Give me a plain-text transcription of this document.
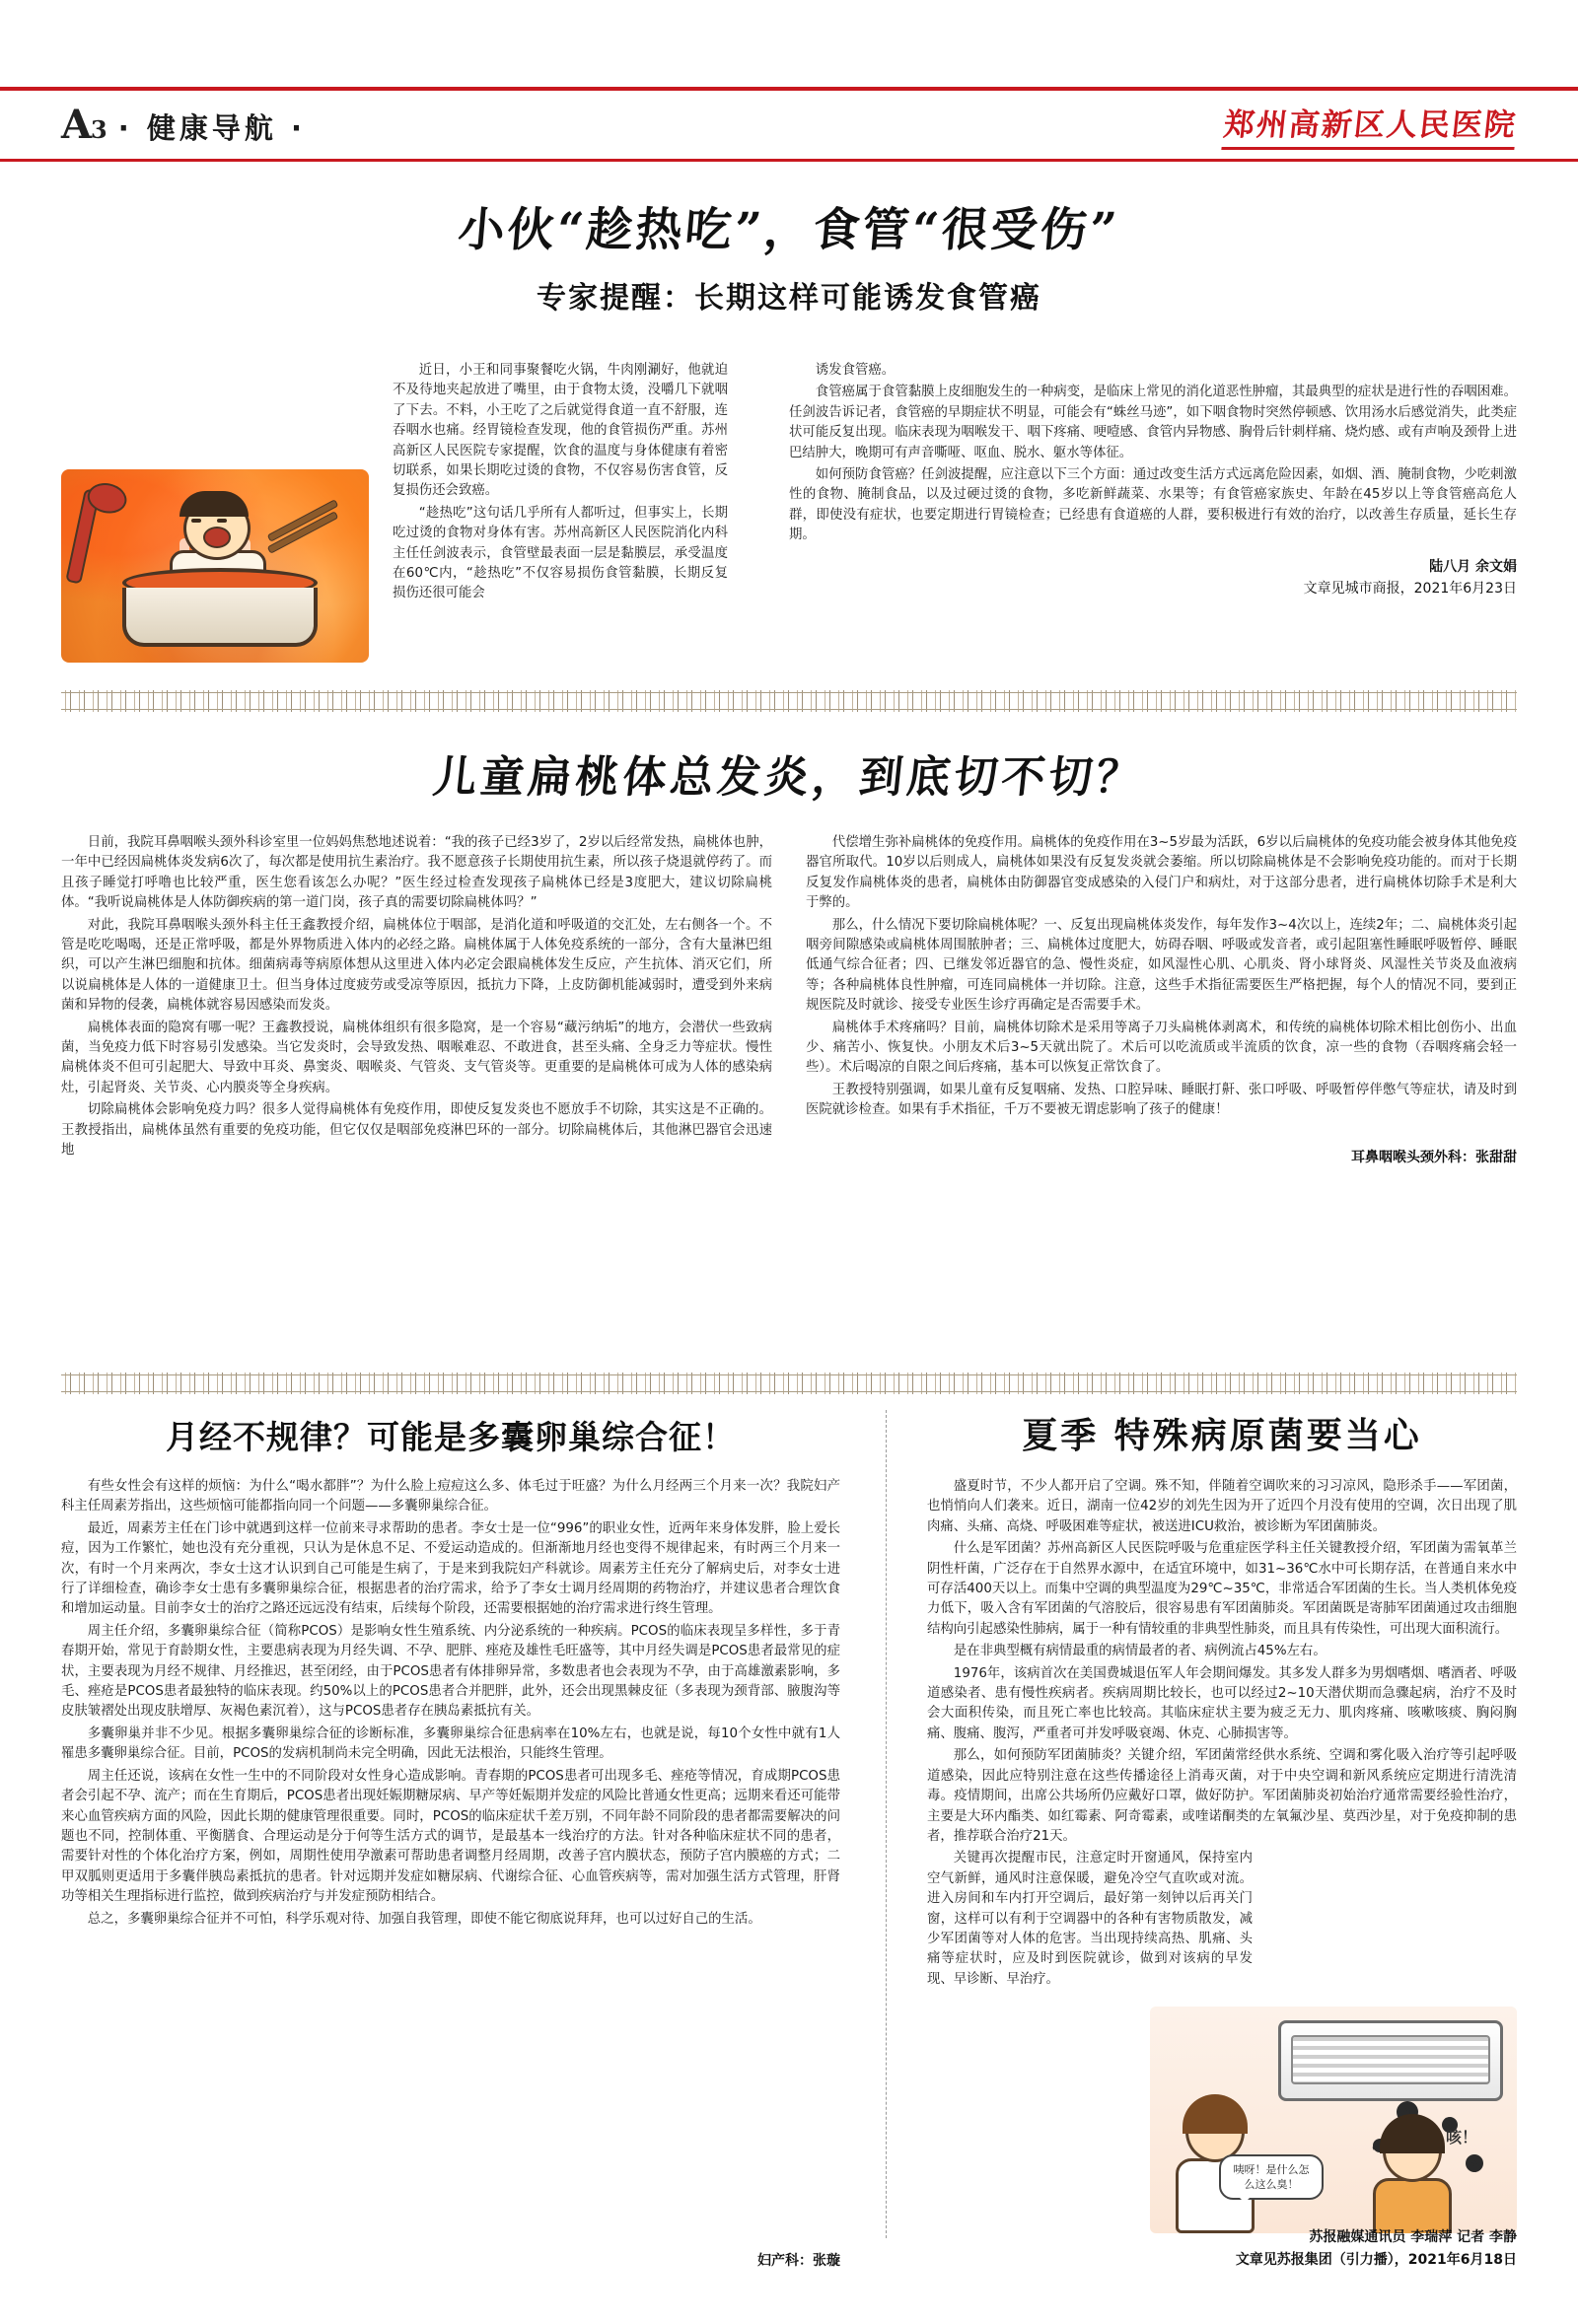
A3 · 健康导航 ·	郑州高新区人民医院
小伙“趁热吃”，食管“很受伤”
专家提醒：长期这样可能诱发食管癌

近日，小王和同事聚餐吃火锅，牛肉刚涮好，他就迫不及待地夹起放进了嘴里，由于食物太烫，没嚼几下就咽了下去。不料，小王吃了之后就觉得食道一直不舒服，连吞咽水也痛。经胃镜检查发现，他的食管损伤严重。苏州高新区人民医院专家提醒，饮食的温度与身体健康有着密切联系，如果长期吃过烫的食物，不仅容易伤害食管，反复损伤还会致癌。

“趁热吃”这句话几乎所有人都听过，但事实上，长期吃过烫的食物对身体有害。苏州高新区人民医院消化内科主任任剑波表示，食管壁最表面一层是黏膜层，承受温度在60℃内，“趁热吃”不仅容易损伤食管黏膜，长期反复损伤还很可能会

诱发食管癌。

食管癌属于食管黏膜上皮细胞发生的一种病变，是临床上常见的消化道恶性肿瘤，其最典型的症状是进行性的吞咽困难。任剑波告诉记者，食管癌的早期症状不明显，可能会有“蛛丝马迹”，如下咽食物时突然停顿感、饮用汤水后感觉消失，此类症状可能反复出现。临床表现为咽喉发干、咽下疼痛、哽噎感、食管内异物感、胸骨后针刺样痛、烧灼感、或有声响及颈骨上进巴结肿大，晚期可有声音嘶哑、呕血、脱水、躯水等体征。

如何预防食管癌？任剑波提醒，应注意以下三个方面：通过改变生活方式远离危险因素，如烟、酒、腌制食物，少吃刺激性的食物、腌制食品，以及过硬过烫的食物，多吃新鲜蔬菜、水果等；有食管癌家族史、年龄在45岁以上等食管癌高危人群，即使没有症状，也要定期进行胃镜检查；已经患有食道癌的人群，要积极进行有效的治疗，以改善生存质量，延长生存期。

陆八月 余文娟
文章见城市商报，2021年6月23日
儿童扁桃体总发炎，到底切不切？

日前，我院耳鼻咽喉头颈外科诊室里一位妈妈焦愁地述说着：“我的孩子已经3岁了，2岁以后经常发热，扁桃体也肿，一年中已经因扁桃体炎发病6次了，每次都是使用抗生素治疗。我不愿意孩子长期使用抗生素，所以孩子烧退就停药了。而且孩子睡觉打呼噜也比较严重，医生您看该怎么办呢？”医生经过检查发现孩子扁桃体已经是3度肥大，建议切除扁桃体。“我听说扁桃体是人体防御疾病的第一道门岗，孩子真的需要切除扁桃体吗？”

对此，我院耳鼻咽喉头颈外科主任王鑫教授介绍，扁桃体位于咽部，是消化道和呼吸道的交汇处，左右侧各一个。不管是吃吃喝喝，还是正常呼吸，都是外界物质进入体内的必经之路。扁桃体属于人体免疫系统的一部分，含有大量淋巴组织，可以产生淋巴细胞和抗体。细菌病毒等病原体想从这里进入体内必定会跟扁桃体发生反应，产生抗体、消灭它们，所以说扁桃体是人体的一道健康卫士。但当身体过度疲劳或受凉等原因，抵抗力下降，上皮防御机能减弱时，遭受到外来病菌和异物的侵袭，扁桃体就容易因感染而发炎。

扁桃体表面的隐窝有哪一呢？王鑫教授说，扁桃体组织有很多隐窝，是一个容易“藏污纳垢”的地方，会潜伏一些致病菌，当免疫力低下时容易引发感染。当它发炎时，会导致发热、咽喉难忍、不敢进食，甚至头痛、全身乏力等症状。慢性扁桃体炎不但可引起肥大、导致中耳炎、鼻窦炎、咽喉炎、气管炎、支气管炎等。更重要的是扁桃体可成为人体的感染病灶，引起肾炎、关节炎、心内膜炎等全身疾病。

切除扁桃体会影响免疫力吗？很多人觉得扁桃体有免疫作用，即使反复发炎也不愿放手不切除，其实这是不正确的。王教授指出，扁桃体虽然有重要的免疫功能，但它仅仅是咽部免疫淋巴环的一部分。切除扁桃体后，其他淋巴器官会迅速地

代偿增生弥补扁桃体的免疫作用。扁桃体的免疫作用在3~5岁最为活跃，6岁以后扁桃体的免疫功能会被身体其他免疫器官所取代。10岁以后则成人，扁桃体如果没有反复发炎就会萎缩。所以切除扁桃体是不会影响免疫功能的。而对于长期反复发作扁桃体炎的患者，扁桃体由防御器官变成感染的入侵门户和病灶，对于这部分患者，进行扁桃体切除手术是利大于弊的。

那么，什么情况下要切除扁桃体呢？一、反复出现扁桃体炎发作，每年发作3~4次以上，连续2年；二、扁桃体炎引起咽旁间隙感染或扁桃体周围脓肿者；三、扁桃体过度肥大，妨碍吞咽、呼吸或发音者，或引起阻塞性睡眠呼吸暂停、睡眠低通气综合征者；四、已继发邻近器官的急、慢性炎症，如风湿性心肌、心肌炎、肾小球肾炎、风湿性关节炎及血液病等；各种扁桃体良性肿瘤，可连同扁桃体一并切除。注意，这些手术指征需要医生严格把握，每个人的情况不同，要到正规医院及时就诊、接受专业医生诊疗再确定是否需要手术。

扁桃体手术疼痛吗？目前，扁桃体切除术是采用等离子刀头扁桃体剥离术，和传统的扁桃体切除术相比创伤小、出血少、痛苦小、恢复快。小朋友术后3~5天就出院了。术后可以吃流质或半流质的饮食，凉一些的食物（吞咽疼痛会轻一些）。术后喝凉的自限之间后疼痛，基本可以恢复正常饮食了。

王教授特别强调，如果儿童有反复咽痛、发热、口腔异味、睡眠打鼾、张口呼吸、呼吸暂停伴憋气等症状，请及时到医院就诊检查。如果有手术指征，千万不要被无谓虑影响了孩子的健康！

耳鼻咽喉头颈外科：张甜甜
月经不规律？可能是多囊卵巢综合征！

有些女性会有这样的烦恼：为什么“喝水都胖”？为什么脸上痘痘这么多、体毛过于旺盛？为什么月经两三个月来一次？我院妇产科主任周素芳指出，这些烦恼可能都指向同一个问题——多囊卵巢综合征。

最近，周素芳主任在门诊中就遇到这样一位前来寻求帮助的患者。李女士是一位“996”的职业女性，近两年来身体发胖，脸上爱长痘，因为工作繁忙，她也没有充分重视，只认为是休息不足、不爱运动造成的。但渐渐地月经也变得不规律起来，有时两三个月来一次，有时一个月来两次，李女士这才认识到自己可能是生病了，于是来到我院妇产科就诊。周素芳主任充分了解病史后，对李女士进行了详细检查，确诊李女士患有多囊卵巢综合征，根据患者的治疗需求，给予了李女士调月经周期的药物治疗，并建议患者合理饮食和增加运动量。目前李女士的治疗之路还远远没有结束，后续每个阶段，还需要根据她的治疗需求进行终生管理。

周主任介绍，多囊卵巢综合征（简称PCOS）是影响女性生殖系统、内分泌系统的一种疾病。PCOS的临床表现呈多样性，多于青春期开始，常见于育龄期女性，主要患病表现为月经失调、不孕、肥胖、痤疮及雄性毛旺盛等，其中月经失调是PCOS患者最常见的症状，主要表现为月经不规律、月经推迟，甚至闭经，由于PCOS患者有体排卵异常，多数患者也会表现为不孕，由于高雄激素影响，多毛、痤疮是PCOS患者最独特的临床表现。约50%以上的PCOS患者合并肥胖，此外，还会出现黑棘皮征（多表现为颈背部、腋腹沟等皮肤皱褶处出现皮肤增厚、灰褐色素沉着），这与PCOS患者存在胰岛素抵抗有关。

多囊卵巢并非不少见。根据多囊卵巢综合征的诊断标准，多囊卵巢综合征患病率在10%左右，也就是说，每10个女性中就有1人罹患多囊卵巢综合征。目前，PCOS的发病机制尚未完全明确，因此无法根治，只能终生管理。

周主任还说，该病在女性一生中的不同阶段对女性身心造成影响。青春期的PCOS患者可出现多毛、痤疮等情况，育成期PCOS患者会引起不孕、流产；而在生育期后，PCOS患者出现妊娠期糖尿病、早产等妊娠期并发症的风险比普通女性更高；远期来看还可能带来心血管疾病方面的风险，因此长期的健康管理很重要。同时，PCOS的临床症状千差万别，不同年龄不同阶段的患者都需要解决的问题也不同，控制体重、平衡膳食、合理运动是分于何等生活方式的调节，是最基本一线治疗的方法。针对各种临床症状不同的患者，需要针对性的个体化治疗方案，例如，周期性使用孕激素可帮助患者调整月经周期，改善子宫内膜状态，预防子宫内膜癌的方式；二甲双胍则更适用于多囊伴胰岛素抵抗的患者。针对远期并发症如糖尿病、代谢综合征、心血管疾病等，需对加强生活方式管理，肝肾功等相关生理指标进行监控，做到疾病治疗与并发症预防相结合。

总之，多囊卵巢综合征并不可怕，科学乐观对待、加强自我管理，即使不能它彻底说拜拜，也可以过好自己的生活。

妇产科：张璇
夏季 特殊病原菌要当心

盛夏时节，不少人都开启了空调。殊不知，伴随着空调吹来的习习凉风，隐形杀手——军团菌，也悄悄向人们袭来。近日，湖南一位42岁的刘先生因为开了近四个月没有使用的空调，次日出现了肌肉痛、头痛、高烧、呼吸困难等症状，被送进ICU救治，被诊断为军团菌肺炎。

什么是军团菌？苏州高新区人民医院呼吸与危重症医学科主任关键教授介绍，军团菌为需氧革兰阴性杆菌，广泛存在于自然界水源中，在适宜环境中，如31~36℃水中可长期存活，在普通自来水中可存活400天以上。而集中空调的典型温度为29℃~35℃，非常适合军团菌的生长。当人类机体免疫力低下，吸入含有军团菌的气溶胶后，很容易患有军团菌肺炎。军团菌既是寄肺军团菌通过攻击细胞结构向引起感染性肺病，属于一种有情较重的非典型性肺炎，而且具有传染性，可出现大面积流行。

是在非典型概有病情最重的病情最者的者、病例流占45%左右。

1976年，该病首次在美国费城退伍军人年会期间爆发。其多发人群多为男烟嗜烟、嗜酒者、呼吸道感染者、患有慢性疾病者。疾病周期比较长，也可以经过2~10天潜伏期而急骤起病，治疗不及时会大面积传染，而且死亡率也比较高。其临床症状主要为疲乏无力、肌肉疼痛、咳嗽咳痰、胸闷胸痛、腹痛、腹泻，严重者可并发呼吸衰竭、休克、心肺损害等。

那么，如何预防军团菌肺炎？关键介绍，军团菌常经供水系统、空调和雾化吸入治疗等引起呼吸道感染，因此应特别注意在这些传播途径上消毒灭菌，对于中央空调和新风系统应定期进行清洗清毒。疫情期间，出席公共场所仍应戴好口罩，做好防护。军团菌肺炎初始治疗通常需要经验性治疗，主要是大环内酯类、如红霉素、阿奇霉素，或喹诺酮类的左氧氟沙星、莫西沙星，对于免疫抑制的患者，推荐联合治疗21天。

关键再次提醒市民，注意定时开窗通风，保持室内空气新鲜，通风时注意保暖，避免冷空气直吹或对流。进入房间和车内打开空调后，最好第一刻钟以后再关门窗，这样可以有利于空调器中的各种有害物质散发，减少军团菌等对人体的危害。当出现持续高热、肌痛、头痛等症状时，应及时到医院就诊，做到对该病的早发现、早诊断、早治疗。

咦呀！是什么怎么这么臭！
咳！
苏报融媒通讯员 李瑞萍 记者 李静
文章见苏报集团（引力播），2021年6月18日
